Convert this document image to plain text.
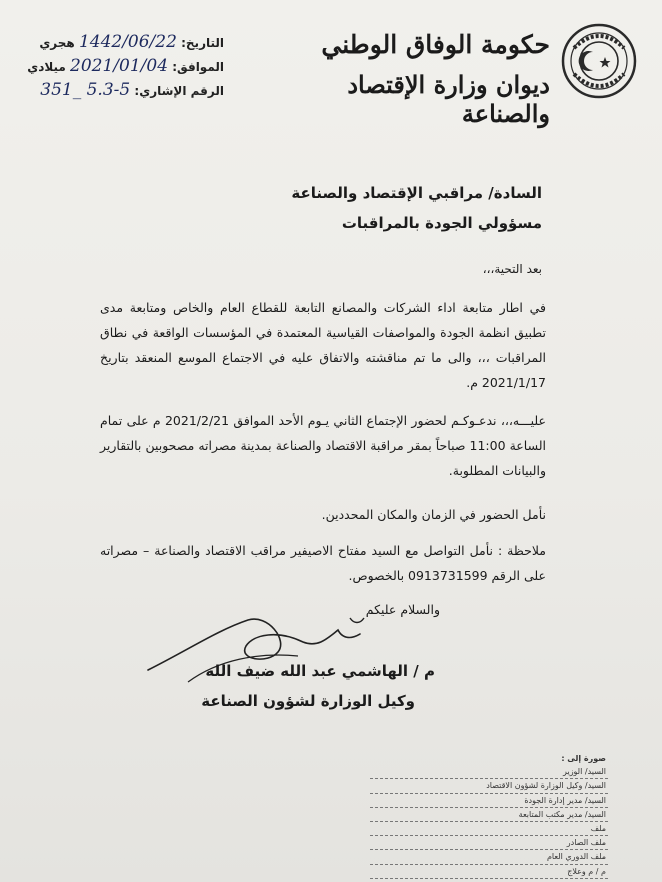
حكومة الوفاق الوطني
ديوان وزارة الإقتصاد والصناعة
التاريخ: 1442/06/22 هجري
الموافق: 2021/01/04 ميلادي
الرقم الإشاري: 351_ 5.3-5
السادة/ مراقبي الإقتصاد والصناعة
مسؤولي الجودة بالمراقبات
بعد التحية،،،
في اطار متابعة اداء الشركات والمصانع التابعة للقطاع العام والخاص ومتابعة مدى تطبيق انظمة الجودة والمواصفات القياسية المعتمدة في المؤسسات الواقعة في نطاق المراقبات ،،، والى ما تم مناقشته والاتفاق عليه في الاجتماع الموسع المنعقد بتاريخ 2021/1/17 م.
عليـــه،،، ندعـوكـم لحضور الإجتماع الثاني يـوم الأحد الموافق 2021/2/21 م على تمام الساعة 11:00 صباحاً بمقر مراقبة الاقتصاد والصناعة بمدينة مصراته مصحوبين بالتقارير والبيانات المطلوبة.
نأمل الحضور في الزمان والمكان المحددين.
ملاحظة : نأمل التواصل مع السيد مفتاح الاصيفير مراقب الاقتصاد والصناعة – مصراته على الرقم 0913731599 بالخصوص.
والسلام عليكم
م / الهاشمي عبد الله ضيف الله
وكيل الوزارة لشؤون الصناعة
صورة إلى :
السيد/ الوزير
السيد/ وكيل الوزارة لشؤون الاقتصاد
السيد/ مدير إدارة الجودة
السيد/ مدير مكتب المتابعة
ملف
ملف الصادر
ملف الدوري العام
م / م وعلاج
